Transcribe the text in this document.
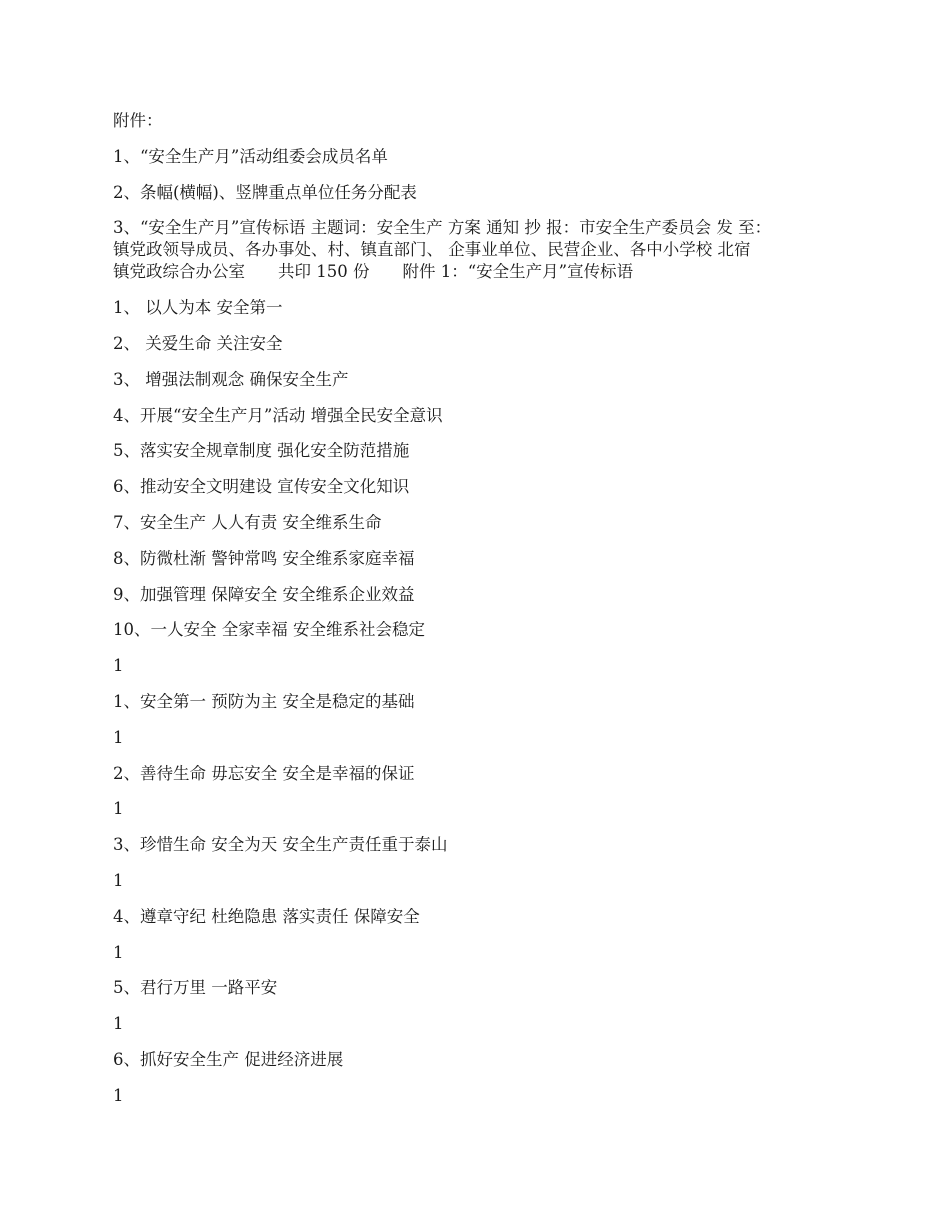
附件：
1、“安全生产月”活动组委会成员名单
2、条幅(横幅)、竖牌重点单位任务分配表
3、“安全生产月”宣传标语 主题词：安全生产 方案 通知 抄 报：市安全生产委员会 发 至：
镇党政领导成员、各办事处、村、镇直部门、 企事业单位、民营企业、各中小学校 北宿
镇党政综合办公室　　共印 150 份　　附件 1：“安全生产月”宣传标语
1、 以人为本 安全第一
2、 关爱生命 关注安全
3、 增强法制观念 确保安全生产
4、开展“安全生产月”活动 增强全民安全意识
5、落实安全规章制度 强化安全防范措施
6、推动安全文明建设 宣传安全文化知识
7、安全生产 人人有责 安全维系生命
8、防微杜渐 警钟常鸣 安全维系家庭幸福
9、加强管理 保障安全 安全维系企业效益
10、一人安全 全家幸福 安全维系社会稳定
1
1、安全第一 预防为主 安全是稳定的基础
1
2、善待生命 毋忘安全 安全是幸福的保证
1
3、珍惜生命 安全为天 安全生产责任重于泰山
1
4、遵章守纪 杜绝隐患 落实责任 保障安全
1
5、君行万里 一路平安
1
6、抓好安全生产 促进经济进展
1
